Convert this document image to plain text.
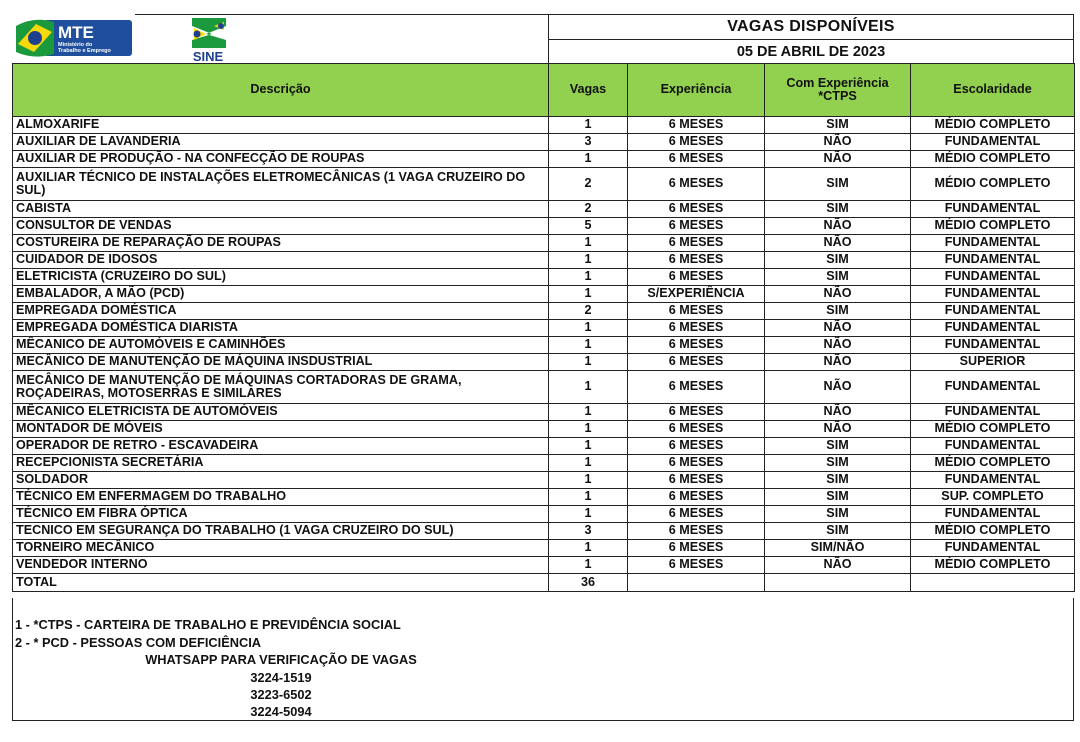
MTE
Ministério do
Trabalho e Emprego	SINE
VAGAS DISPONÍVEIS
05 DE ABRIL DE 2023
Descrição	Vagas	Experiência	Com Experiência *CTPS	Escolaridade
ALMOXARIFE	1	6 MESES	SIM	MÉDIO COMPLETO
AUXILIAR DE LAVANDERIA	3	6 MESES	NÃO	FUNDAMENTAL
AUXILIAR DE PRODUÇÃO - NA CONFECÇÃO DE ROUPAS	1	6 MESES	NÃO	MÉDIO COMPLETO
AUXILIAR TÉCNICO DE INSTALAÇÕES ELETROMECÂNICAS (1 VAGA CRUZEIRO DO SUL)	2	6 MESES	SIM	MÉDIO COMPLETO
CABISTA	2	6 MESES	SIM	FUNDAMENTAL
CONSULTOR DE VENDAS	5	6 MESES	NÃO	MÉDIO COMPLETO
COSTUREIRA DE REPARAÇÃO DE ROUPAS	1	6 MESES	NÃO	FUNDAMENTAL
CUIDADOR DE IDOSOS	1	6 MESES	SIM	FUNDAMENTAL
ELETRICISTA (CRUZEIRO DO SUL)	1	6 MESES	SIM	FUNDAMENTAL
EMBALADOR, A MÃO (PCD)	1	S/EXPERIÊNCIA	NÃO	FUNDAMENTAL
EMPREGADA DOMÉSTICA	2	6 MESES	SIM	FUNDAMENTAL
EMPREGADA DOMÉSTICA DIARISTA	1	6 MESES	NÃO	FUNDAMENTAL
MÊCANICO DE AUTOMÓVEIS E CAMINHÕES	1	6 MESES	NÃO	FUNDAMENTAL
MECÂNICO DE MANUTENÇÃO DE MÁQUINA INSDUSTRIAL	1	6 MESES	NÃO	SUPERIOR
MECÂNICO DE MANUTENÇÃO DE MÁQUINAS CORTADORAS DE GRAMA, ROÇADEIRAS, MOTOSERRAS E SIMILARES	1	6 MESES	NÃO	FUNDAMENTAL
MÊCANICO ELETRICISTA DE AUTOMÓVEIS	1	6 MESES	NÃO	FUNDAMENTAL
MONTADOR DE MÓVEIS	1	6 MESES	NÃO	MÉDIO COMPLETO
OPERADOR DE RETRO - ESCAVADEIRA	1	6 MESES	SIM	FUNDAMENTAL
RECEPCIONISTA SECRETÁRIA	1	6 MESES	SIM	MÉDIO COMPLETO
SOLDADOR	1	6 MESES	SIM	FUNDAMENTAL
TÉCNICO EM ENFERMAGEM DO TRABALHO	1	6 MESES	SIM	SUP. COMPLETO
TÉCNICO EM FIBRA ÓPTICA	1	6 MESES	SIM	FUNDAMENTAL
TECNICO EM SEGURANÇA DO TRABALHO (1 VAGA CRUZEIRO DO SUL)	3	6 MESES	SIM	MÉDIO COMPLETO
TORNEIRO MECÂNICO	1	6 MESES	SIM/NÃO	FUNDAMENTAL
VENDEDOR INTERNO	1	6 MESES	NÃO	MÉDIO COMPLETO
TOTAL	36			
1 - *CTPS - CARTEIRA DE TRABALHO E PREVIDÊNCIA SOCIAL
2 - * PCD - PESSOAS COM DEFICIÊNCIA
WHATSAPP PARA VERIFICAÇÃO DE VAGAS
3224-1519
3223-6502
3224-5094
